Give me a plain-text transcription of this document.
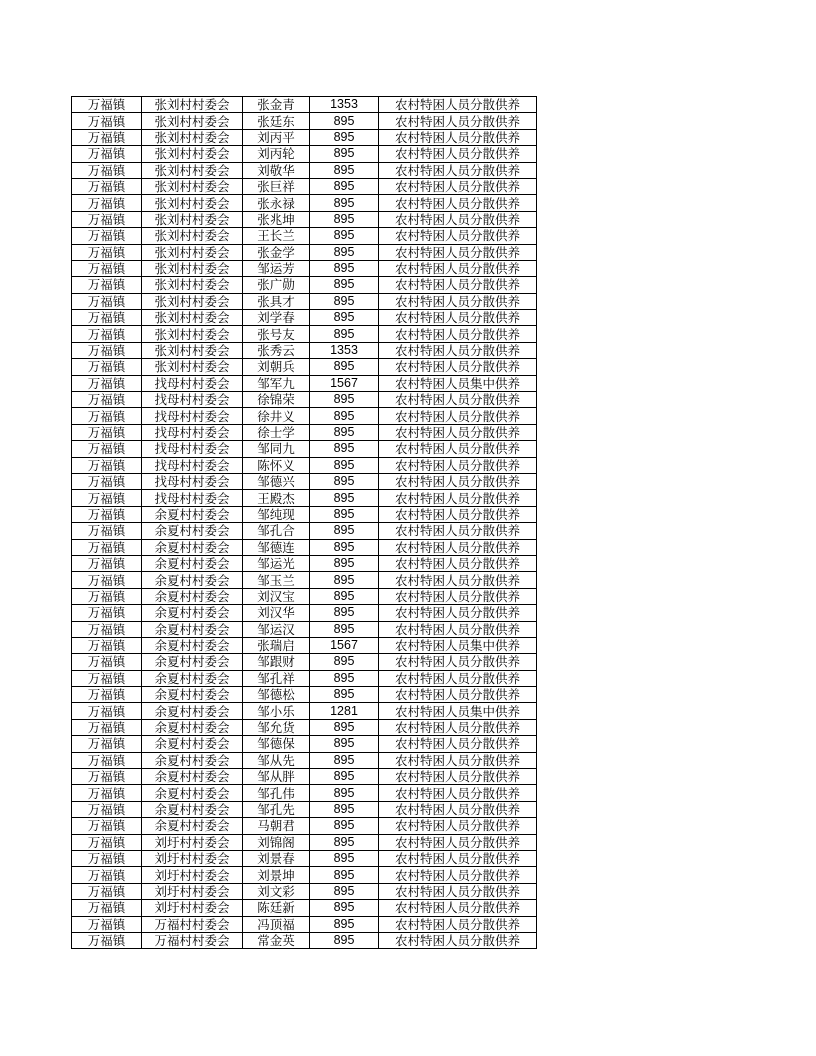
万福镇	张刘村村委会	张金青	1353	农村特困人员分散供养
万福镇	张刘村村委会	张廷东	895	农村特困人员分散供养
万福镇	张刘村村委会	刘丙平	895	农村特困人员分散供养
万福镇	张刘村村委会	刘丙轮	895	农村特困人员分散供养
万福镇	张刘村村委会	刘敬华	895	农村特困人员分散供养
万福镇	张刘村村委会	张巨祥	895	农村特困人员分散供养
万福镇	张刘村村委会	张永禄	895	农村特困人员分散供养
万福镇	张刘村村委会	张兆坤	895	农村特困人员分散供养
万福镇	张刘村村委会	王长兰	895	农村特困人员分散供养
万福镇	张刘村村委会	张金学	895	农村特困人员分散供养
万福镇	张刘村村委会	邹运芳	895	农村特困人员分散供养
万福镇	张刘村村委会	张广勋	895	农村特困人员分散供养
万福镇	张刘村村委会	张具才	895	农村特困人员分散供养
万福镇	张刘村村委会	刘学春	895	农村特困人员分散供养
万福镇	张刘村村委会	张号友	895	农村特困人员分散供养
万福镇	张刘村村委会	张秀云	1353	农村特困人员分散供养
万福镇	张刘村村委会	刘朝兵	895	农村特困人员分散供养
万福镇	找母村村委会	邹军九	1567	农村特困人员集中供养
万福镇	找母村村委会	徐锦荣	895	农村特困人员分散供养
万福镇	找母村村委会	徐井义	895	农村特困人员分散供养
万福镇	找母村村委会	徐士学	895	农村特困人员分散供养
万福镇	找母村村委会	邹同九	895	农村特困人员分散供养
万福镇	找母村村委会	陈怀义	895	农村特困人员分散供养
万福镇	找母村村委会	邹德兴	895	农村特困人员分散供养
万福镇	找母村村委会	王殿杰	895	农村特困人员分散供养
万福镇	余夏村村委会	邹纯现	895	农村特困人员分散供养
万福镇	余夏村村委会	邹孔合	895	农村特困人员分散供养
万福镇	余夏村村委会	邹德连	895	农村特困人员分散供养
万福镇	余夏村村委会	邹运光	895	农村特困人员分散供养
万福镇	余夏村村委会	邹玉兰	895	农村特困人员分散供养
万福镇	余夏村村委会	刘汉宝	895	农村特困人员分散供养
万福镇	余夏村村委会	刘汉华	895	农村特困人员分散供养
万福镇	余夏村村委会	邹运汉	895	农村特困人员分散供养
万福镇	余夏村村委会	张瑞启	1567	农村特困人员集中供养
万福镇	余夏村村委会	邹跟财	895	农村特困人员分散供养
万福镇	余夏村村委会	邹孔祥	895	农村特困人员分散供养
万福镇	余夏村村委会	邹德松	895	农村特困人员分散供养
万福镇	余夏村村委会	邹小乐	1281	农村特困人员集中供养
万福镇	余夏村村委会	邹允货	895	农村特困人员分散供养
万福镇	余夏村村委会	邹德保	895	农村特困人员分散供养
万福镇	余夏村村委会	邹从先	895	农村特困人员分散供养
万福镇	余夏村村委会	邹从胖	895	农村特困人员分散供养
万福镇	余夏村村委会	邹孔伟	895	农村特困人员分散供养
万福镇	余夏村村委会	邹孔先	895	农村特困人员分散供养
万福镇	余夏村村委会	马朝君	895	农村特困人员分散供养
万福镇	刘圩村村委会	刘锦阁	895	农村特困人员分散供养
万福镇	刘圩村村委会	刘景春	895	农村特困人员分散供养
万福镇	刘圩村村委会	刘景坤	895	农村特困人员分散供养
万福镇	刘圩村村委会	刘文彩	895	农村特困人员分散供养
万福镇	刘圩村村委会	陈廷新	895	农村特困人员分散供养
万福镇	万福村村委会	冯顶福	895	农村特困人员分散供养
万福镇	万福村村委会	常金英	895	农村特困人员分散供养
